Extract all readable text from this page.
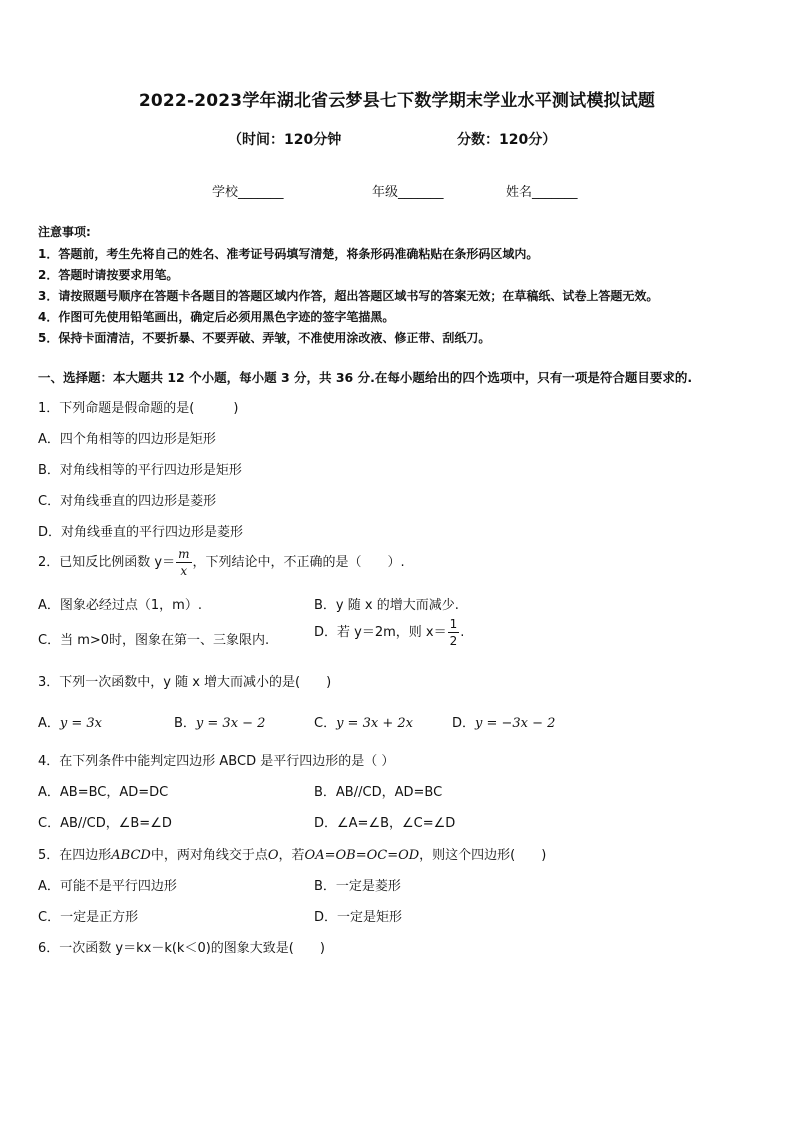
2022-2023学年湖北省云梦县七下数学期末学业水平测试模拟试题
（时间：120分钟	分数：120分）
学校_______	年级_______	姓名_______
注意事项:
1．答题前，考生先将自己的姓名、准考证号码填写清楚，将条形码准确粘贴在条形码区域内。
2．答题时请按要求用笔。
3．请按照题号顺序在答题卡各题目的答题区域内作答，超出答题区域书写的答案无效；在草稿纸、试卷上答题无效。
4．作图可先使用铅笔画出，确定后必须用黑色字迹的签字笔描黑。
5．保持卡面清洁，不要折暴、不要弄破、弄皱，不准使用涂改液、修正带、刮纸刀。
一、选择题：本大题共 12 个小题，每小题 3 分，共 36 分.在每小题给出的四个选项中，只有一项是符合题目要求的.
1．下列命题是假命题的是(　　　)
A．四个角相等的四边形是矩形
B．对角线相等的平行四边形是矩形
C．对角线垂直的四边形是菱形
D．对角线垂直的平行四边形是菱形
2．已知反比例函数 $y= \frac{m}{x}$ ，下列结论中，不正确的是（　　）.
A．图象必经过点（1，m）.	B．y 随 x 的增大而减少.
C．当 m>0时，图象在第一、三象限内.
D．若 y＝2m，则 $x= \frac{1}{2}$ .
3．下列一次函数中，y 随 x 增大而减小的是(　　)
A．y = 3x	B．y = 3x − 2	C．y = 3x + 2x	D．y = −3x − 2
4．在下列条件中能判定四边形 ABCD 是平行四边形的是（ ）
A．AB=BC，AD=DC	B．AB//CD，AD=BC
C．AB//CD，∠B=∠D	D．∠A=∠B，∠C=∠D
5．在四边形ABCD中，两对角线交于点O，若OA=OB=OC=OD，则这个四边形(　　)
A．可能不是平行四边形	B．一定是菱形
C．一定是正方形	D．一定是矩形
6．一次函数 y＝kx－k(k＜0)的图象大致是(　　)
